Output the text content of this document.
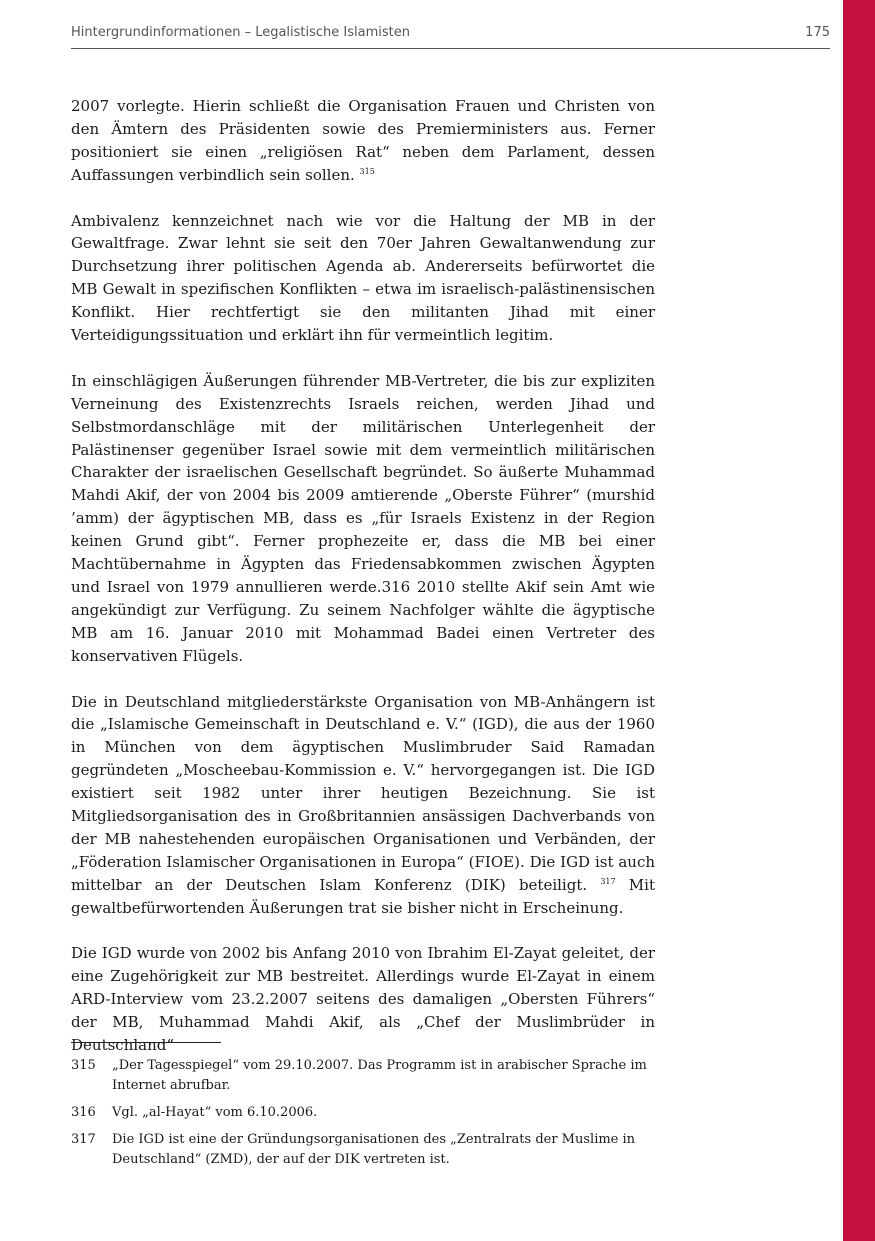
Hintergrundinformationen – Legalistische Islamisten	175

2007 vorlegte. Hierin schließt die Organisation Frauen und Christen von den Ämtern des Präsidenten sowie des Premierministers aus. Ferner positioniert sie einen „religiösen Rat“ neben dem Parlament, dessen Auffassungen verbindlich sein sollen. $^{315}$

Ambivalenz kennzeichnet nach wie vor die Haltung der MB in der Gewaltfrage. Zwar lehnt sie seit den 70er Jahren Gewaltanwendung zur Durchsetzung ihrer politischen Agenda ab. Andererseits befürwortet die MB Gewalt in spezifischen Konflikten – etwa im israelisch-palästinensischen Konflikt. Hier rechtfertigt sie den militanten Jihad mit einer Verteidigungssituation und erklärt ihn für vermeintlich legitim.

In einschlägigen Äußerungen führender MB-Vertreter, die bis zur expliziten Verneinung des Existenzrechts Israels reichen, werden Jihad und Selbstmordanschläge mit der militärischen Unterlegenheit der Palästinenser gegenüber Israel sowie mit dem vermeintlich militärischen Charakter der israelischen Gesellschaft begründet. So äußerte Muhammad Mahdi Akif, der von 2004 bis 2009 amtierende „Oberste Führer“ (murshid ’amm) der ägyptischen MB, dass es „für Israels Existenz in der Region keinen Grund gibt“. Ferner prophezeite er, dass die MB bei einer Machtübernahme in Ägypten das Friedensabkommen zwischen Ägypten und Israel von 1979 annullieren werde.316 2010 stellte Akif sein Amt wie angekündigt zur Verfügung. Zu seinem Nachfolger wählte die ägyptische MB am 16. Januar 2010 mit Mohammad Badei einen Vertreter des konservativen Flügels.

Die in Deutschland mitgliederstärkste Organisation von MB-Anhängern ist die „Islamische Gemeinschaft in Deutschland e. V.“ (IGD), die aus der 1960 in München von dem ägyptischen Muslimbruder Said Ramadan gegründeten „Moscheebau-Kommission e. V.“ hervorgegangen ist. Die IGD existiert seit 1982 unter ihrer heutigen Bezeichnung. Sie ist Mitgliedsorganisation des in Großbritannien ansässigen Dachverbands von der MB nahestehenden europäischen Organisationen und Verbänden, der „Föderation Islamischer Organisationen in Europa“ (FIOE). Die IGD ist auch mittelbar an der Deutschen Islam Konferenz (DIK) beteiligt. $^{317}$ Mit gewaltbefürwortenden Äußerungen trat sie bisher nicht in Erscheinung.

Die IGD wurde von 2002 bis Anfang 2010 von Ibrahim El-Zayat geleitet, der eine Zugehörigkeit zur MB bestreitet. Allerdings wurde El-Zayat in einem ARD-Interview vom 23.2.2007 seitens des damaligen „Obersten Führers“ der MB, Muhammad Mahdi Akif, als „Chef der Muslimbrüder in Deutschland“

315	„Der Tagesspiegel“ vom 29.10.2007. Das Programm ist in arabischer Sprache im Internet abrufbar.
316	Vgl. „al-Hayat“ vom 6.10.2006.
317	Die IGD ist eine der Gründungsorganisationen des „Zentralrats der Muslime in Deutschland“ (ZMD), der auf der DIK vertreten ist.
